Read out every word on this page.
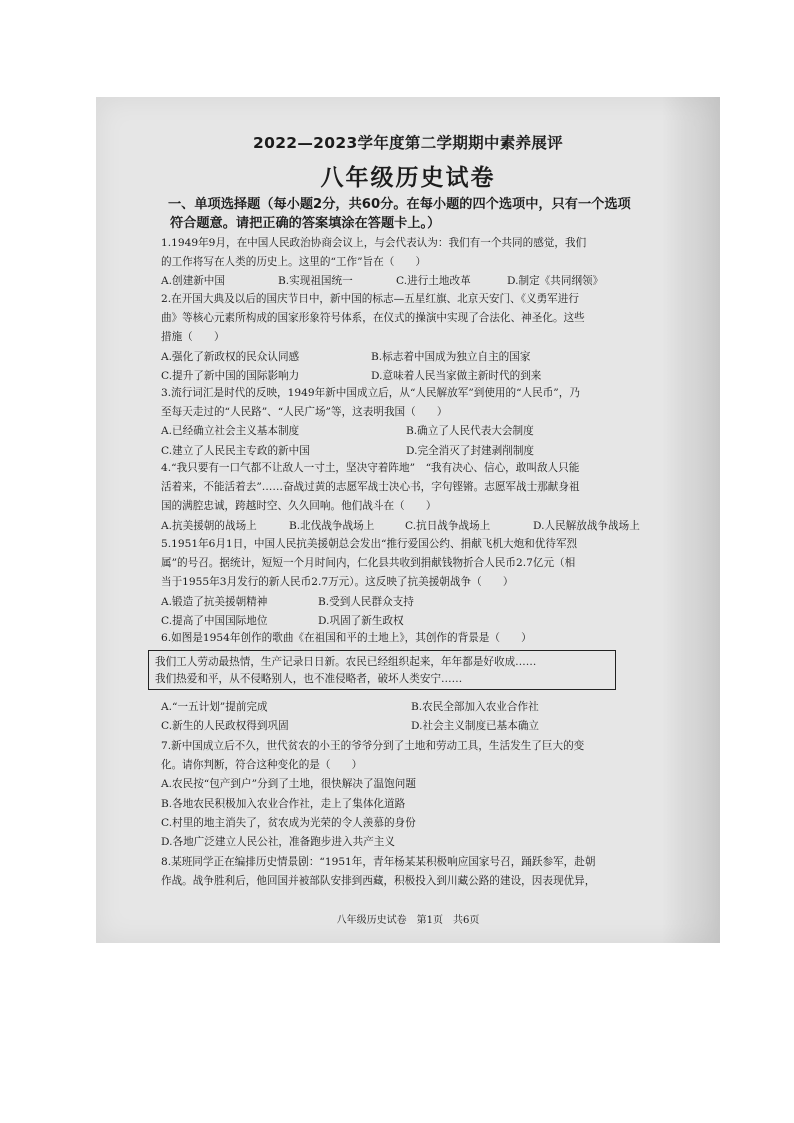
2022—2023学年度第二学期期中素养展评
八年级历史试卷
一、单项选择题（每小题2分，共60分。在每小题的四个选项中，只有一个选项
符合题意。请把正确的答案填涂在答题卡上。）
1.1949年9月，在中国人民政治协商会议上，与会代表认为：我们有一个共同的感觉，我们
的工作将写在人类的历史上。这里的“工作”旨在（　　）
A.创建新中国	B.实现祖国统一	C.进行土地改革	D.制定《共同纲领》
2.在开国大典及以后的国庆节日中，新中国的标志—五星红旗、北京天安门、《义勇军进行
曲》等核心元素所构成的国家形象符号体系，在仪式的操演中实现了合法化、神圣化。这些
措施（　　）
A.强化了新政权的民众认同感	B.标志着中国成为独立自主的国家
C.提升了新中国的国际影响力	D.意味着人民当家做主新时代的到来
3.流行词汇是时代的反映，1949年新中国成立后，从“人民解放军”到使用的“人民币”，乃
至每天走过的“人民路”、“人民广场”等，这表明我国（　　）
A.已经确立社会主义基本制度	B.确立了人民代表大会制度
C.建立了人民民主专政的新中国	D.完全消灭了封建剥削制度
4.“我只要有一口气都不让敌人一寸土，坚决守着阵地”　“我有决心、信心，敢叫敌人只能
活着来，不能活着去”……奋战过黄的志愿军战士决心书，字句铿锵。志愿军战士那献身祖
国的满腔忠诚，跨越时空、久久回响。他们战斗在（　　）
A.抗美援朝的战场上	B.北伐战争战场上	C.抗日战争战场上	D.人民解放战争战场上
5.1951年6月1日，中国人民抗美援朝总会发出“推行爱国公约、捐献飞机大炮和优待军烈
属”的号召。据统计，短短一个月时间内，仁化县共收到捐献钱物折合人民币2.7亿元（相
当于1955年3月发行的新人民币2.7万元）。这反映了抗美援朝战争（　　）
A.锻造了抗美援朝精神	B.受到人民群众支持
C.提高了中国国际地位	D.巩固了新生政权
6.如图是1954年创作的歌曲《在祖国和平的土地上》，其创作的背景是（　　）
我们工人劳动最热情，生产记录日日新。农民已经组织起来，年年都是好收成……
我们热爱和平，从不侵略别人，也不准侵略者，破坏人类安宁……
A.“一五计划”提前完成	B.农民全部加入农业合作社
C.新生的人民政权得到巩固	D.社会主义制度已基本确立
7.新中国成立后不久，世代贫农的小王的爷爷分到了土地和劳动工具，生活发生了巨大的变
化。请你判断，符合这种变化的是（　　）
A.农民按“包产到户”分到了土地，很快解决了温饱问题
B.各地农民积极加入农业合作社，走上了集体化道路
C.村里的地主消失了，贫农成为光荣的令人羡慕的身份
D.各地广泛建立人民公社，准备跑步进入共产主义
8.某班同学正在编排历史情景剧：“1951年，青年杨某某积极响应国家号召，踊跃参军，赴朝
作战。战争胜利后，他回国并被部队安排到西藏，积极投入到川藏公路的建设，因表现优异，
八年级历史试卷　第1页　共6页
